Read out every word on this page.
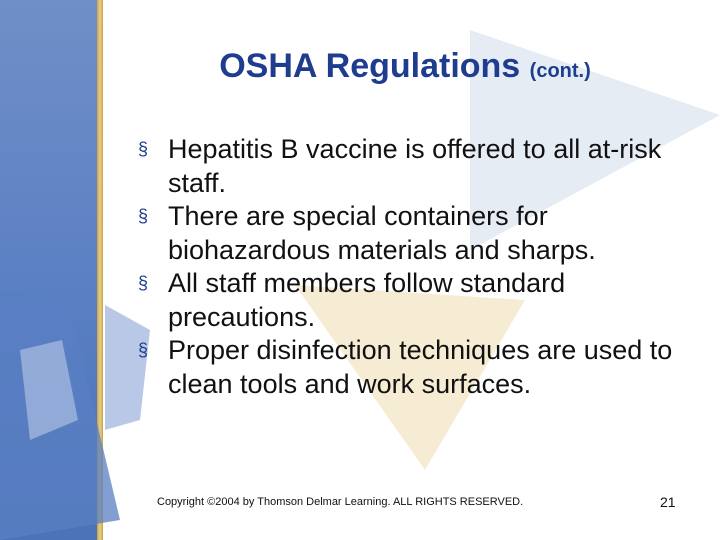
OSHA Regulations (cont.)
§ Hepatitis B vaccine is offered to all at-risk staff.
§ There are special containers for biohazardous materials and sharps.
§ All staff members follow standard precautions.
§ Proper disinfection techniques are used to clean tools and work surfaces.
Copyright ©2004 by Thomson Delmar Learning. ALL RIGHTS RESERVED.	21
